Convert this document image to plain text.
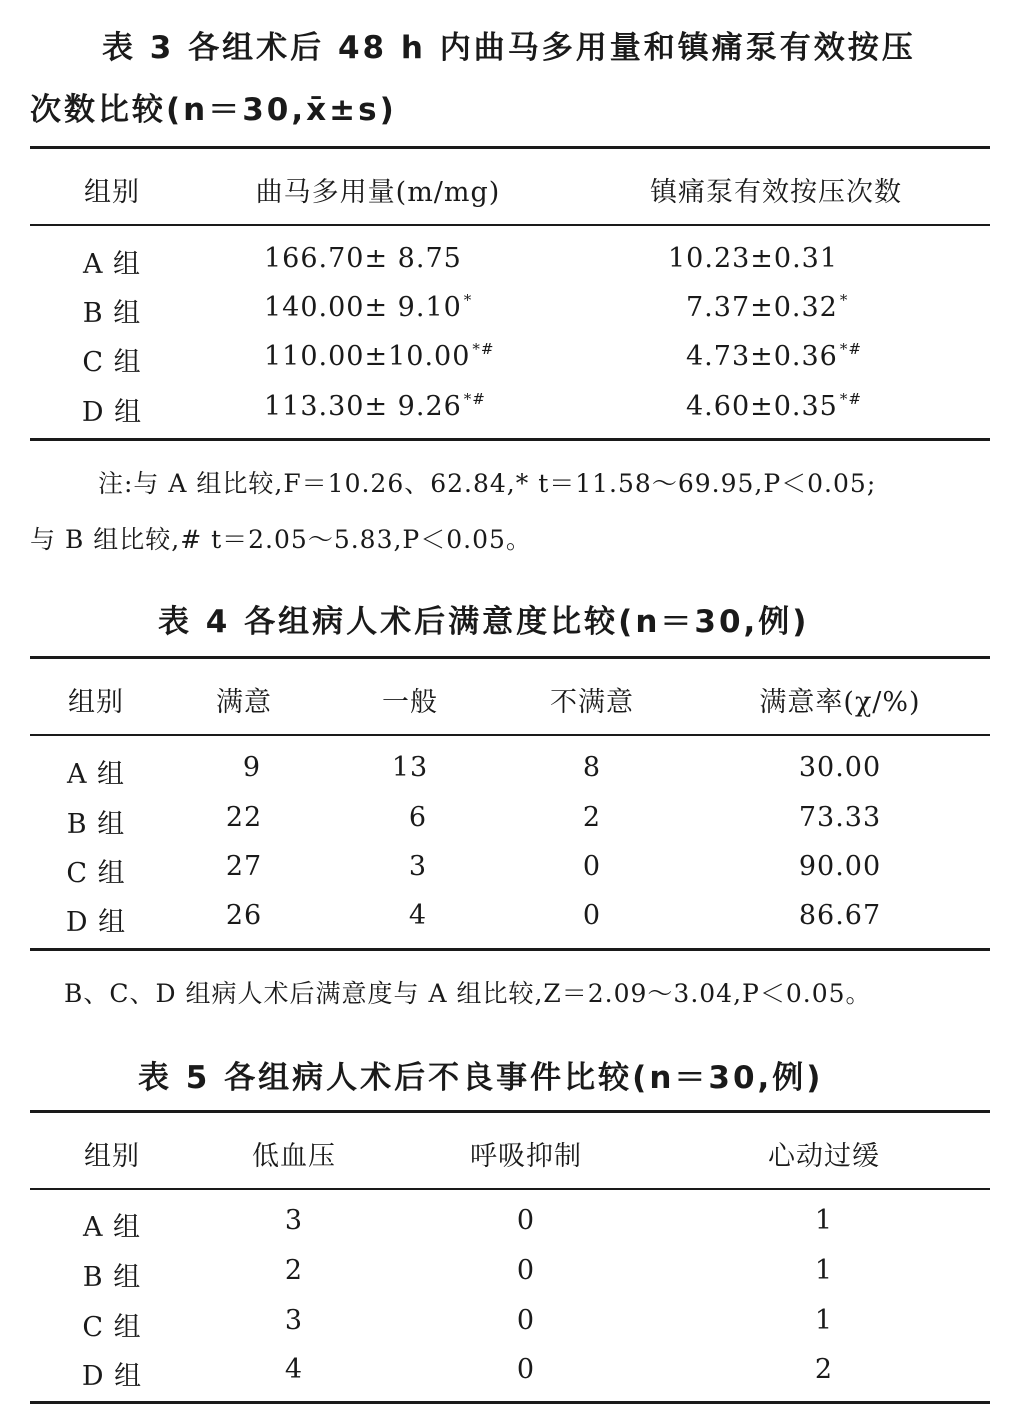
表 3 各组术后 48 h 内曲马多用量和镇痛泵有效按压
次数比较(n＝30,x̄±s)
组别	曲马多用量(m/mg)	镇痛泵有效按压次数
A 组	166.70± 8.75	10.23±0.31
B 组	140.00± 9.10 *	7.37±0.32 *
C 组	110.00±10.00 *#	4.73±0.36 *#
D 组	113.30± 9.26 *#	4.60±0.35 *#
注:与 A 组比较,F＝10.26、62.84,* t＝11.58～69.95,P＜0.05;
与 B 组比较,# t＝2.05～5.83,P＜0.05。
表 4 各组病人术后满意度比较(n＝30,例)
组别	满意	一般	不满意	满意率(χ/%)
A 组	9	13	8	30.00
B 组	22	6	2	73.33
C 组	27	3	0	90.00
D 组	26	4	0	86.67
B、C、D 组病人术后满意度与 A 组比较,Z＝2.09～3.04,P＜0.05。
表 5 各组病人术后不良事件比较(n＝30,例)
组别	低血压	呼吸抑制	心动过缓
A 组	3	0	1
B 组	2	0	1
C 组	3	0	1
D 组	4	0	2
